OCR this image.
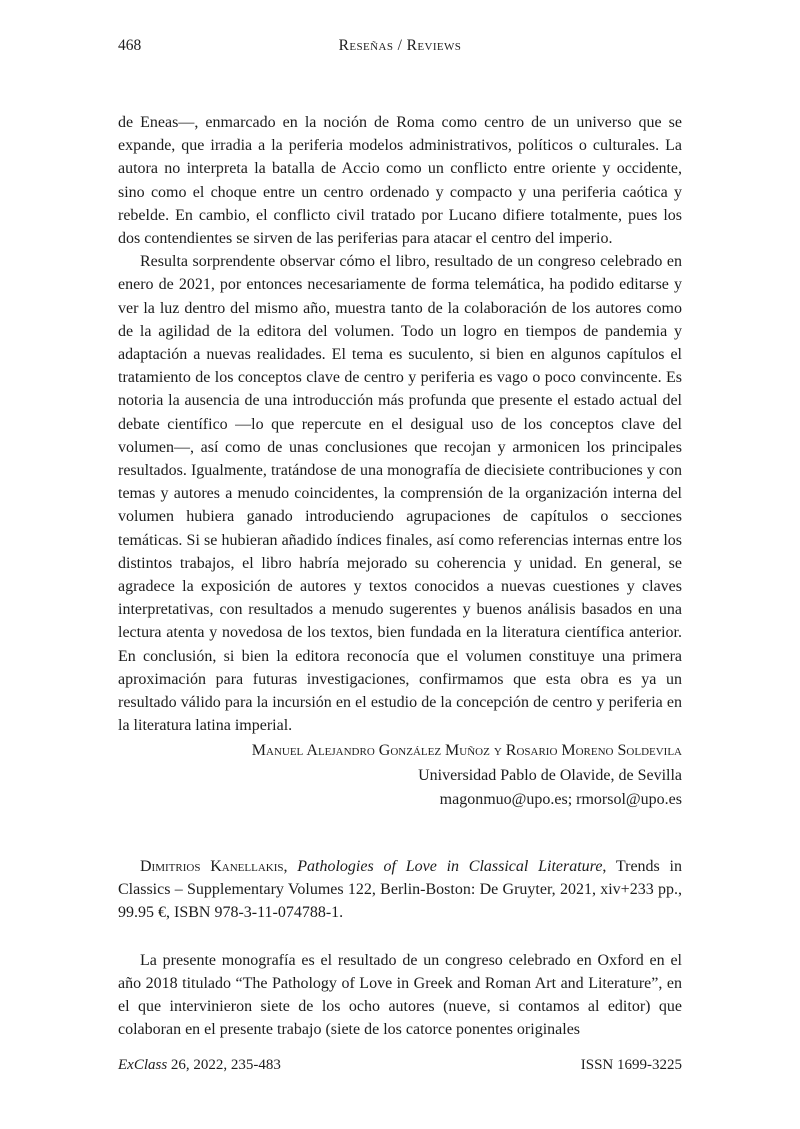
468	Reseñas / Reviews

de Eneas—, enmarcado en la noción de Roma como centro de un universo que se expande, que irradia a la periferia modelos administrativos, políticos o culturales. La autora no interpreta la batalla de Accio como un conflicto entre oriente y occidente, sino como el choque entre un centro ordenado y compacto y una periferia caótica y rebelde. En cambio, el conflicto civil tratado por Lucano difiere totalmente, pues los dos contendientes se sirven de las periferias para atacar el centro del imperio.

Resulta sorprendente observar cómo el libro, resultado de un congreso celebrado en enero de 2021, por entonces necesariamente de forma telemática, ha podido editarse y ver la luz dentro del mismo año, muestra tanto de la colaboración de los autores como de la agilidad de la editora del volumen. Todo un logro en tiempos de pandemia y adaptación a nuevas realidades. El tema es suculento, si bien en algunos capítulos el tratamiento de los conceptos clave de centro y periferia es vago o poco convincente. Es notoria la ausencia de una introducción más profunda que presente el estado actual del debate científico —lo que repercute en el desigual uso de los conceptos clave del volumen—, así como de unas conclusiones que recojan y armonicen los principales resultados. Igualmente, tratándose de una monografía de diecisiete contribuciones y con temas y autores a menudo coincidentes, la comprensión de la organización interna del volumen hubiera ganado introduciendo agrupaciones de capítulos o secciones temáticas. Si se hubieran añadido índices finales, así como referencias internas entre los distintos trabajos, el libro habría mejorado su coherencia y unidad. En general, se agradece la exposición de autores y textos conocidos a nuevas cuestiones y claves interpretativas, con resultados a menudo sugerentes y buenos análisis basados en una lectura atenta y novedosa de los textos, bien fundada en la literatura científica anterior. En conclusión, si bien la editora reconocía que el volumen constituye una primera aproximación para futuras investigaciones, confirmamos que esta obra es ya un resultado válido para la incursión en el estudio de la concepción de centro y periferia en la literatura latina imperial.

Manuel Alejandro González Muñoz y Rosario Moreno Soldevila
Universidad Pablo de Olavide, de Sevilla
magonmuo@upo.es; rmorsol@upo.es

Dimitrios Kanellakis, Pathologies of Love in Classical Literature, Trends in Classics – Supplementary Volumes 122, Berlin-Boston: De Gruyter, 2021, xiv+233 pp., 99.95 €, ISBN 978-3-11-074788-1.

La presente monografía es el resultado de un congreso celebrado en Oxford en el año 2018 titulado “The Pathology of Love in Greek and Roman Art and Literature”, en el que intervinieron siete de los ocho autores (nueve, si contamos al editor) que colaboran en el presente trabajo (siete de los catorce ponentes originales

ExClass 26, 2022, 235-483	ISSN 1699-3225
